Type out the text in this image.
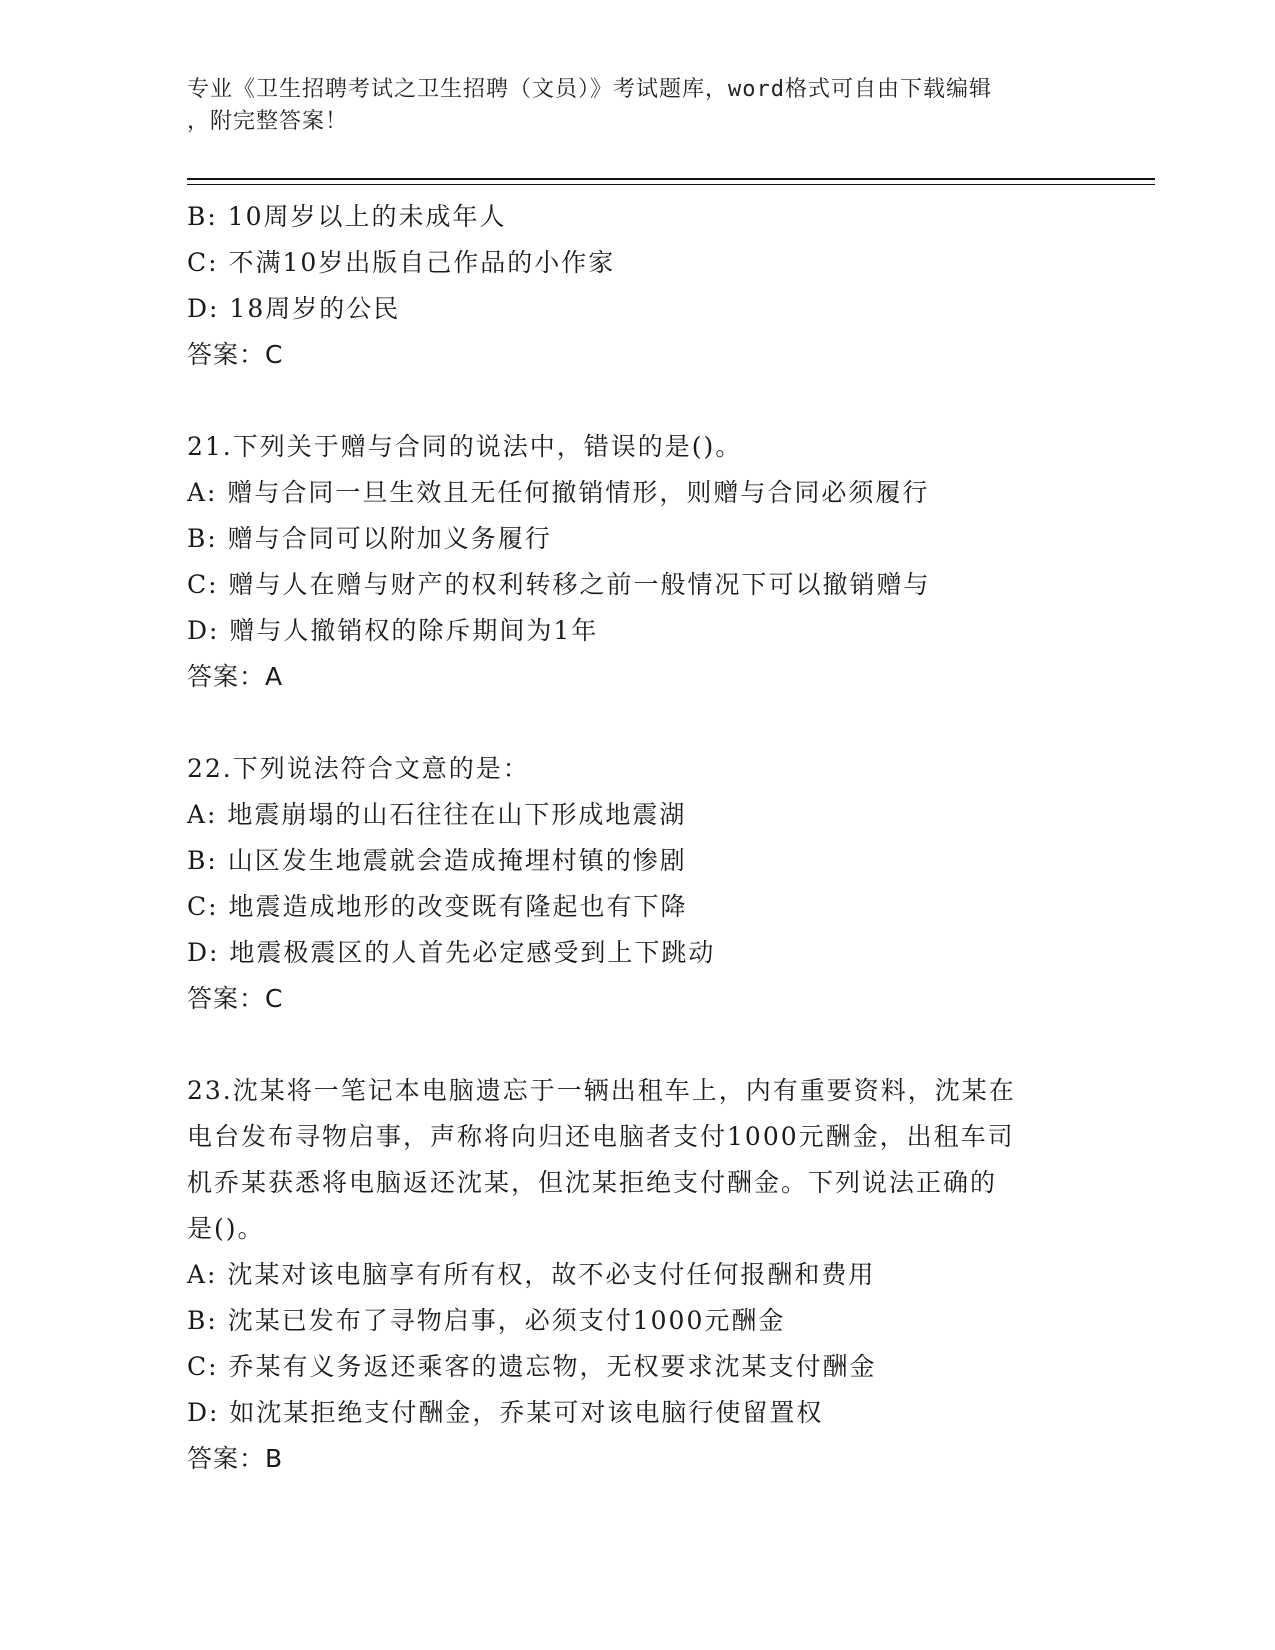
专业《卫生招聘考试之卫生招聘（文员）》考试题库，word格式可自由下载编辑
，附完整答案！
B: 10周岁以上的未成年人
C: 不满10岁出版自己作品的小作家
D: 18周岁的公民
答案：C
21.下列关于赠与合同的说法中，错误的是()。
A: 赠与合同一旦生效且无任何撤销情形，则赠与合同必须履行
B: 赠与合同可以附加义务履行
C: 赠与人在赠与财产的权利转移之前一般情况下可以撤销赠与
D: 赠与人撤销权的除斥期间为1年
答案：A
22.下列说法符合文意的是：
A: 地震崩塌的山石往往在山下形成地震湖
B: 山区发生地震就会造成掩埋村镇的惨剧
C: 地震造成地形的改变既有隆起也有下降
D: 地震极震区的人首先必定感受到上下跳动
答案：C
23.沈某将一笔记本电脑遗忘于一辆出租车上，内有重要资料，沈某在
电台发布寻物启事，声称将向归还电脑者支付1000元酬金，出租车司
机乔某获悉将电脑返还沈某，但沈某拒绝支付酬金。下列说法正确的
是()。
A: 沈某对该电脑享有所有权，故不必支付任何报酬和费用
B: 沈某已发布了寻物启事，必须支付1000元酬金
C: 乔某有义务返还乘客的遗忘物，无权要求沈某支付酬金
D: 如沈某拒绝支付酬金，乔某可对该电脑行使留置权
答案：B
